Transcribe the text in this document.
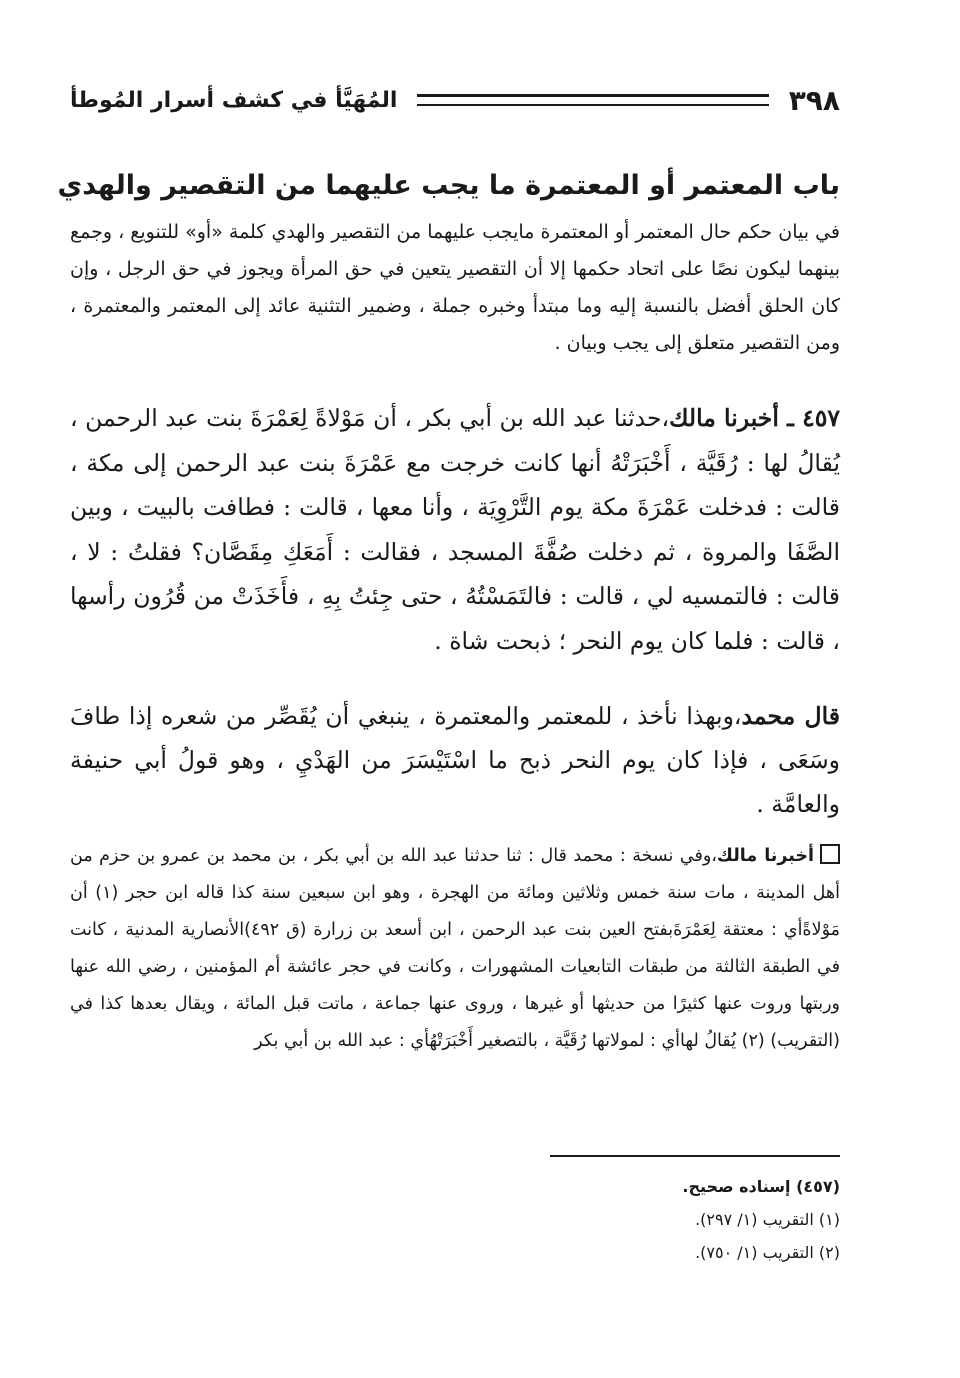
٣٩٨
المُهَيَّأ في كشف أسرار المُوطأ
باب المعتمر أو المعتمرة ما يجب عليهما من التقصير والهدي
في بيان حكم حال المعتمر أو المعتمرة مايجب عليهما من التقصير والهدي كلمة «أو» للتنويع ، وجمع بينهما ليكون نصًا على اتحاد حكمها إلا أن التقصير يتعين في حق المرأة ويجوز في حق الرجل ، وإن كان الحلق أفضل بالنسبة إليه وما مبتدأ وخبره جملة ، وضمير التثنية عائد إلى المعتمر والمعتمرة ، ومن التقصير متعلق إلى يجب وبيان .
٤٥٧ ـ أخبرنا مالك،حدثنا عبد الله بن أبي بكر ، أن مَوْلاةً لِعَمْرَةَ بنت عبد الرحمن ، يُقالُ لها : رُقَيَّة ، أَخْبَرَتْهُ أنها كانت خرجت مع عَمْرَةَ بنت عبد الرحمن إلى مكة ، قالت : فدخلت عَمْرَةَ مكة يوم التَّرْوِيَة ، وأنا معها ، قالت : فطافت بالبيت ، وبين الصَّفَا والمروة ، ثم دخلت صُفَّةَ المسجد ، فقالت : أَمَعَكِ مِقَصَّان؟ فقلتُ : لا ، قالت : فالتمسيه لي ، قالت : فالتَمَسْتُهُ ، حتى جِئتُ بِهِ ، فأَخَذَتْ من قُرُون رأسها ، قالت : فلما كان يوم النحر ؛ ذبحت شاة .
قال محمد،وبهذا نأخذ ، للمعتمر والمعتمرة ، ينبغي أن يُقَصِّر من شعره إذا طافَ وسَعَى ، فإذا كان يوم النحر ذبح ما اسْتَيْسَرَ من الهَدْيِ ، وهو قولُ أبي حنيفة والعامَّة .
أخبرنا مالك،وفي نسخة : محمد قال : ثنا حدثنا عبد الله بن أبي بكر ، بن محمد بن عمرو بن حزم من أهل المدينة ، مات سنة خمس وثلاثين ومائة من الهجرة ، وهو ابن سبعين سنة كذا قاله ابن حجر (١) أن مَوْلاةًأي : معتقة لِعَمْرَةَبفتح العين بنت عبد الرحمن ، ابن أسعد بن زرارة (ق ٤٩٢)الأنصارية المدنية ، كانت في الطبقة الثالثة من طبقات التابعيات المشهورات ، وكانت في حجر عائشة أم المؤمنين ، رضي الله عنها وربتها وروت عنها كثيرًا من حديثها أو غيرها ، وروى عنها جماعة ، ماتت قبل المائة ، ويقال بعدها كذا في (التقريب) (٢) يُقالُ لهاأي : لمولاتها رُقَيَّة ، بالتصغير أَخْبَرَتْهُأي : عبد الله بن أبي بكر
(٤٥٧) إسناده صحيح.
(١) التقريب (١/ ٢٩٧).
(٢) التقريب (١/ ٧٥٠).
